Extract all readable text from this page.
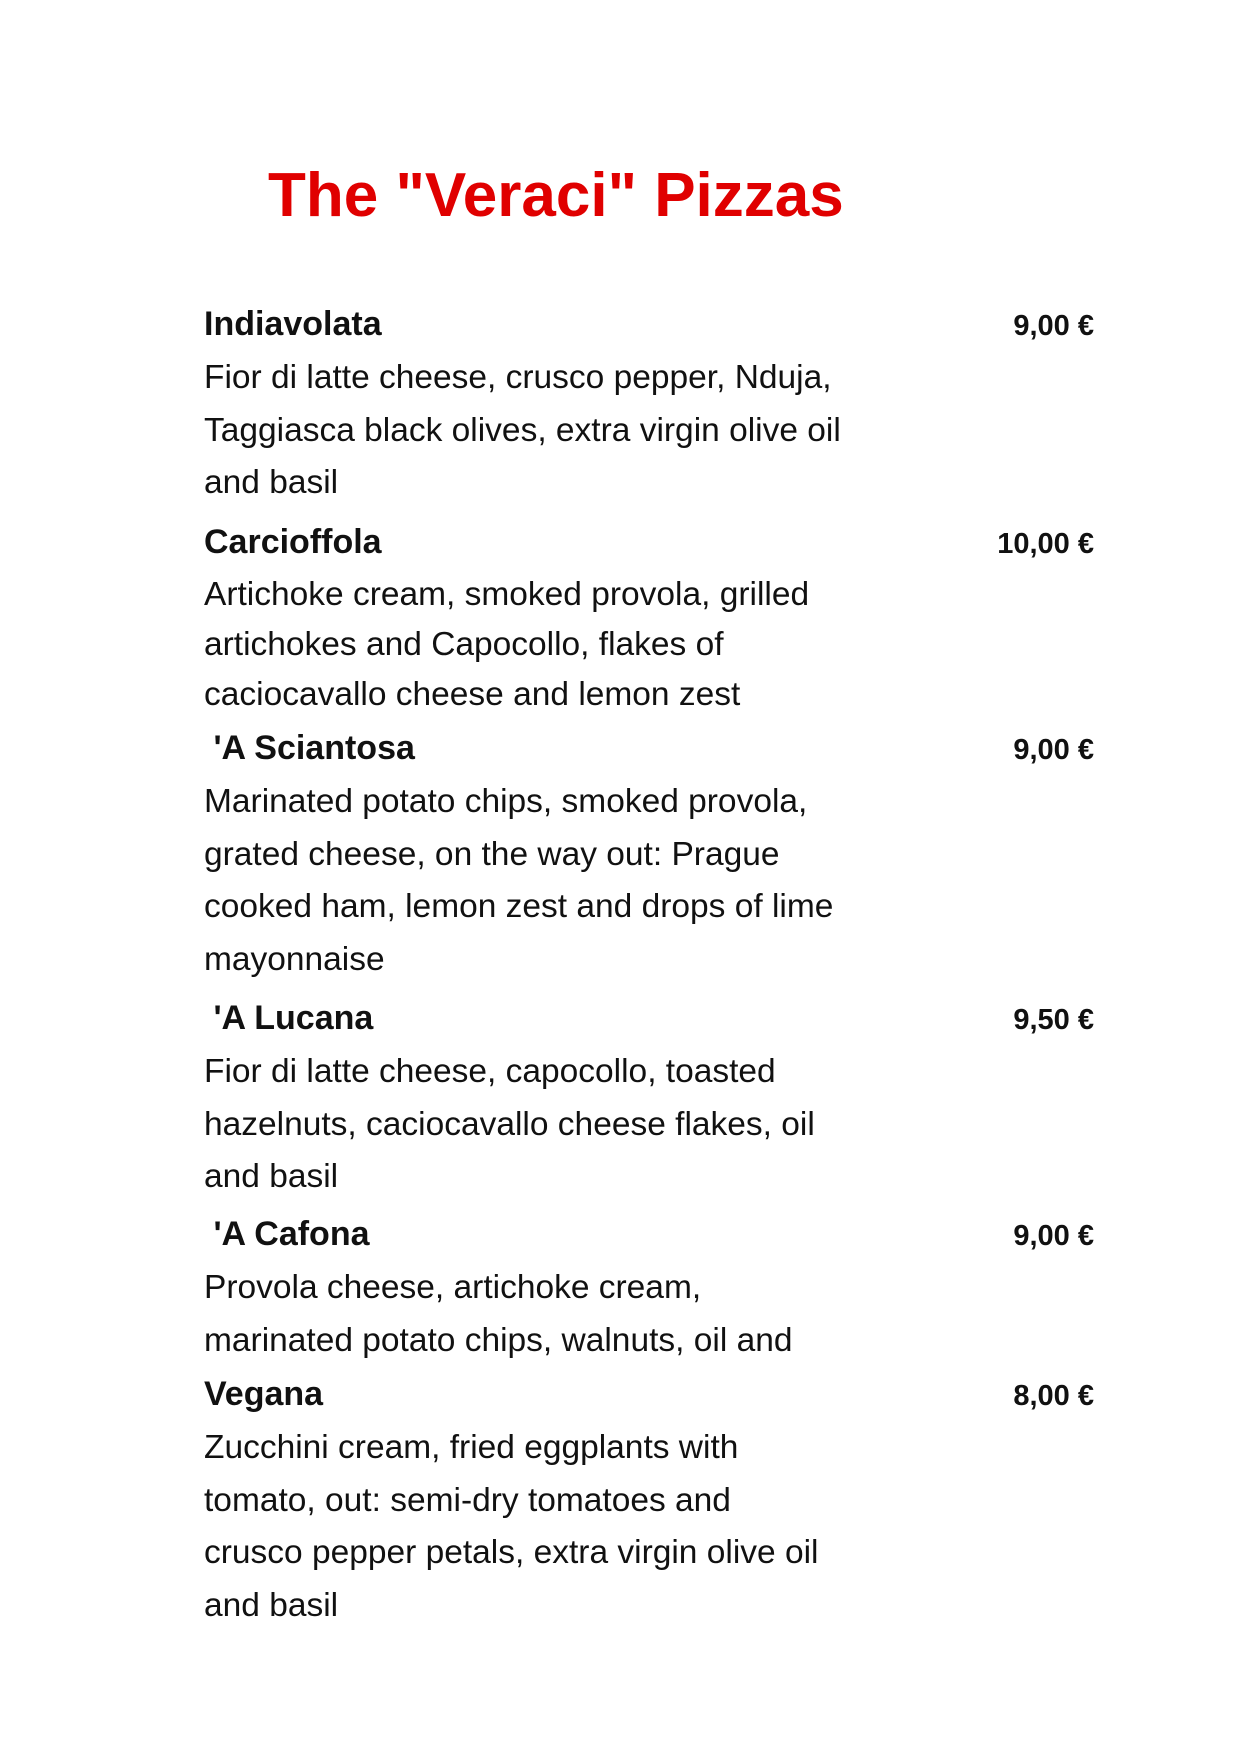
The "Veraci" Pizzas
Indiavolata	9,00 €
Fior di latte cheese, crusco pepper, Nduja,
Taggiasca black olives, extra virgin olive oil
and basil
Carcioffola	10,00 €
Artichoke cream, smoked provola, grilled
artichokes and Capocollo, flakes of
caciocavallo cheese and lemon zest
'A Sciantosa	9,00 €
Marinated potato chips, smoked provola,
grated cheese, on the way out: Prague
cooked ham, lemon zest and drops of lime
mayonnaise
'A Lucana	9,50 €
Fior di latte cheese, capocollo, toasted
hazelnuts, caciocavallo cheese flakes, oil
and basil
'A Cafona	9,00 €
Provola cheese, artichoke cream,
marinated potato chips, walnuts, oil and
Vegana	8,00 €
Zucchini cream, fried eggplants with
tomato, out: semi-dry tomatoes and
crusco pepper petals, extra virgin olive oil
and basil
